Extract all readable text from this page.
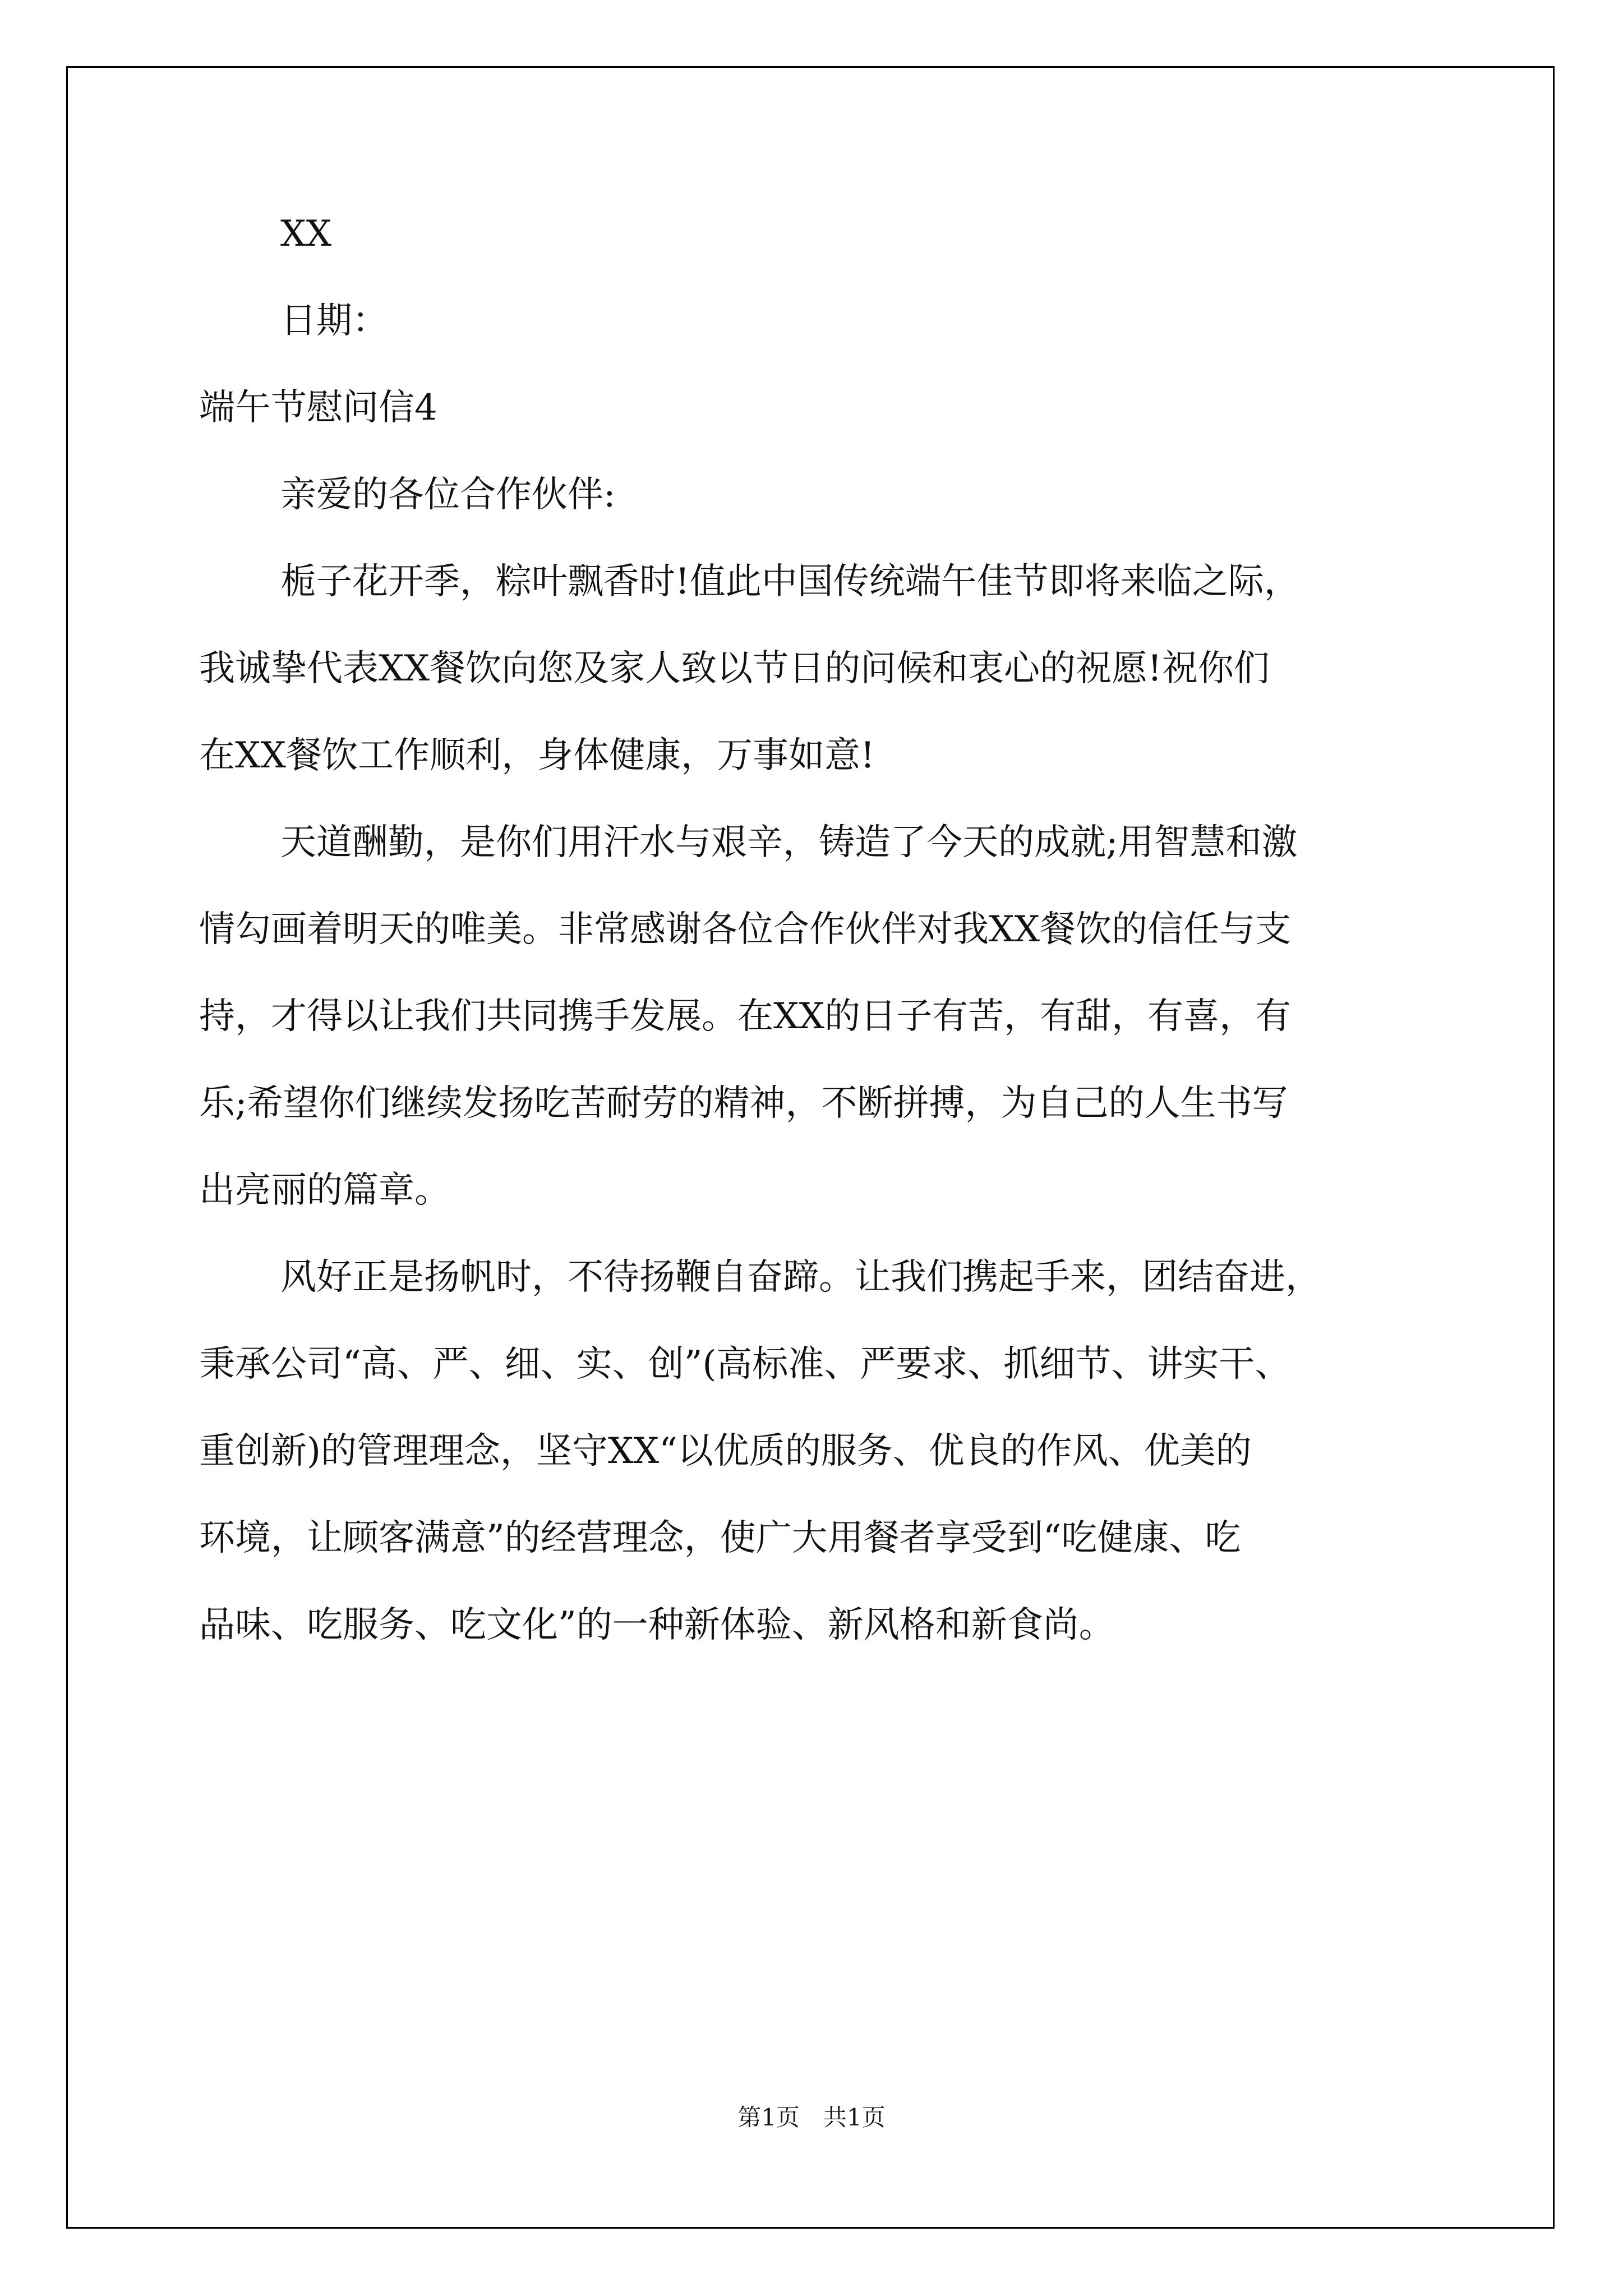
XX
日期：
端午节慰问信4
亲爱的各位合作伙伴:
栀子花开季，粽叶飘香时!值此中国传统端午佳节即将来临之际，
我诚挚代表XX餐饮向您及家人致以节日的问候和衷心的祝愿!祝你们
在XX餐饮工作顺利，身体健康，万事如意!
天道酬勤，是你们用汗水与艰辛，铸造了今天的成就;用智慧和激
情勾画着明天的唯美。非常感谢各位合作伙伴对我XX餐饮的信任与支
持，才得以让我们共同携手发展。在XX的日子有苦，有甜，有喜，有
乐;希望你们继续发扬吃苦耐劳的精神，不断拼搏，为自己的人生书写
出亮丽的篇章。
风好正是扬帆时，不待扬鞭自奋蹄。让我们携起手来，团结奋进，
秉承公司“高、严、细、实、创”(高标准、严要求、抓细节、讲实干、
重创新)的管理理念，坚守XX“以优质的服务、优良的作风、优美的
环境，让顾客满意”的经营理念，使广大用餐者享受到“吃健康、吃
品味、吃服务、吃文化”的一种新体验、新风格和新食尚。
第1页　共1页
